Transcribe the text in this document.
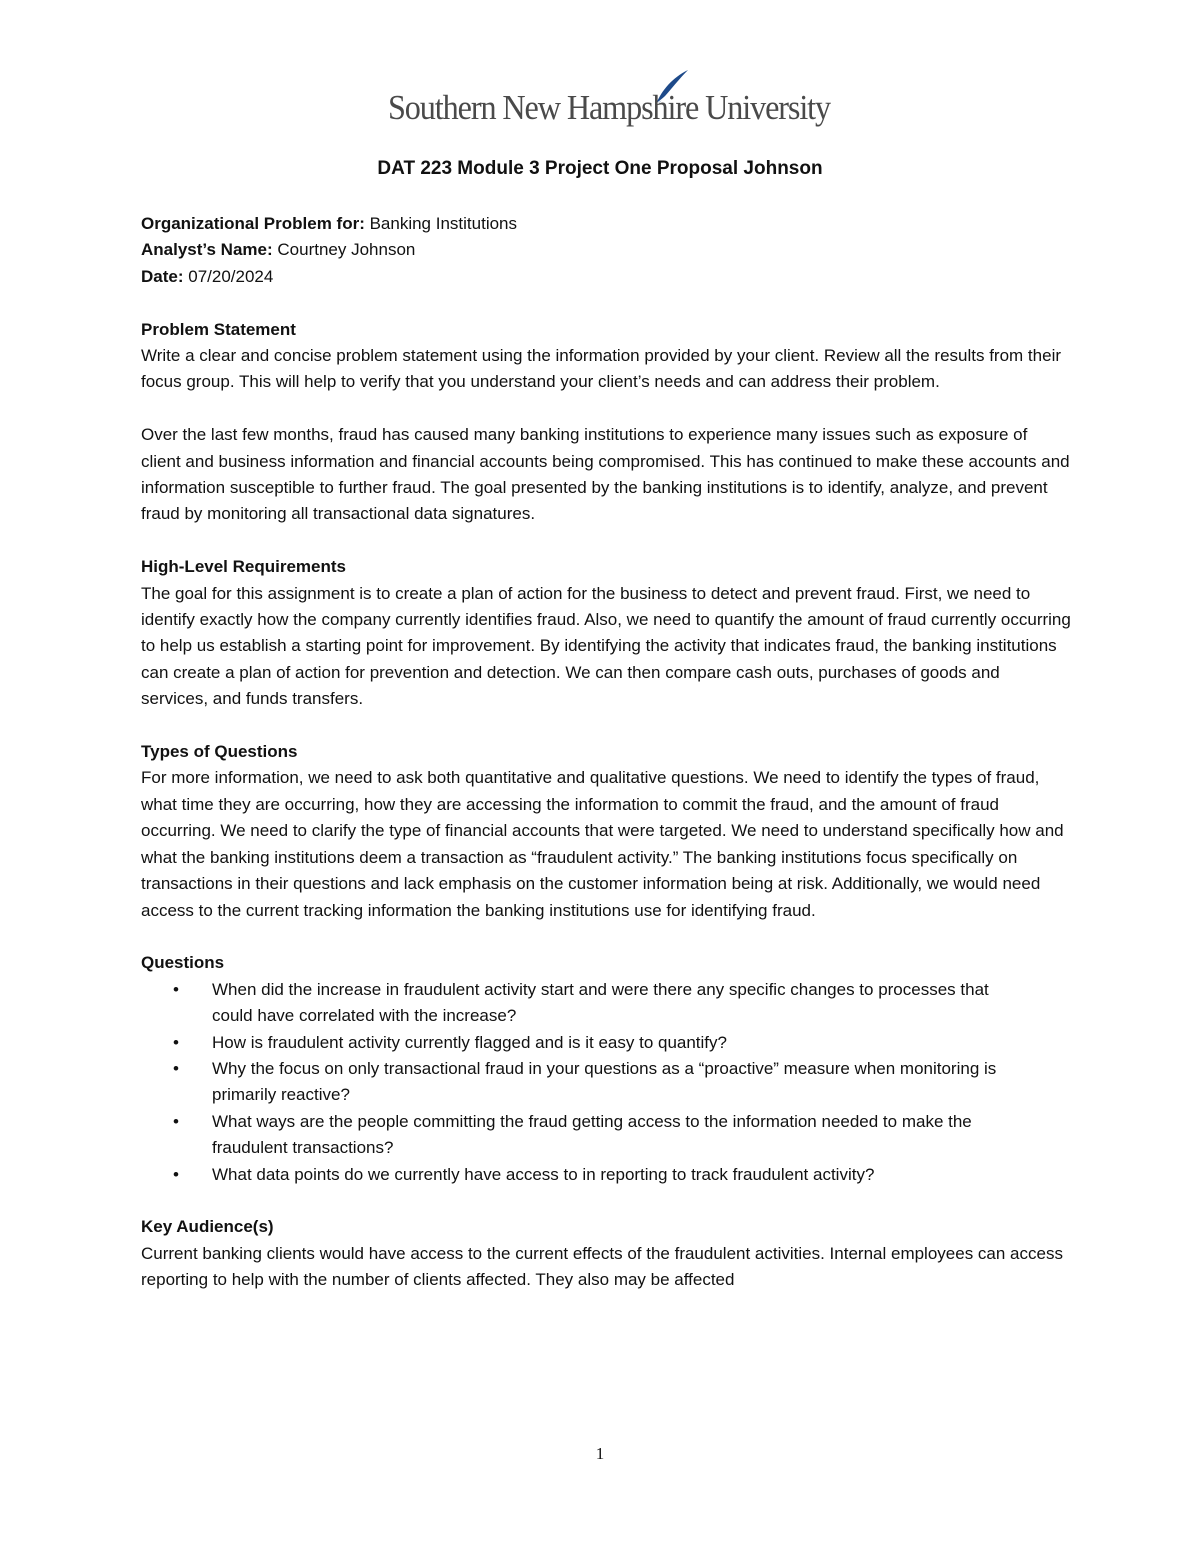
Southern New Hampshire University
DAT 223 Module 3 Project One Proposal Johnson

Organizational Problem for: Banking Institutions

Analyst’s Name: Courtney Johnson

Date: 07/20/2024

Problem Statement

Write a clear and concise problem statement using the information provided by your client. Review all the results from their focus group. This will help to verify that you understand your client’s needs and can address their problem.

Over the last few months, fraud has caused many banking institutions to experience many issues such as exposure of client and business information and financial accounts being compromised. This has continued to make these accounts and information susceptible to further fraud. The goal presented by the banking institutions is to identify, analyze, and prevent fraud by monitoring all transactional data signatures.

High-Level Requirements

The goal for this assignment is to create a plan of action for the business to detect and prevent fraud. First, we need to identify exactly how the company currently identifies fraud. Also, we need to quantify the amount of fraud currently occurring to help us establish a starting point for improvement. By identifying the activity that indicates fraud, the banking institutions can create a plan of action for prevention and detection. We can then compare cash outs, purchases of goods and services, and funds transfers.

Types of Questions

For more information, we need to ask both quantitative and qualitative questions. We need to identify the types of fraud, what time they are occurring, how they are accessing the information to commit the fraud, and the amount of fraud occurring. We need to clarify the type of financial accounts that were targeted. We need to understand specifically how and what the banking institutions deem a transaction as “fraudulent activity.” The banking institutions focus specifically on transactions in their questions and lack emphasis on the customer information being at risk. Additionally, we would need access to the current tracking information the banking institutions use for identifying fraud.

Questions

• When did the increase in fraudulent activity start and were there any specific changes to processes that could have correlated with the increase?
• How is fraudulent activity currently flagged and is it easy to quantify?
• Why the focus on only transactional fraud in your questions as a “proactive” measure when monitoring is primarily reactive?
• What ways are the people committing the fraud getting access to the information needed to make the fraudulent transactions?
• What data points do we currently have access to in reporting to track fraudulent activity?

Key Audience(s)

Current banking clients would have access to the current effects of the fraudulent activities. Internal employees can access reporting to help with the number of clients affected. They also may be affected

1
